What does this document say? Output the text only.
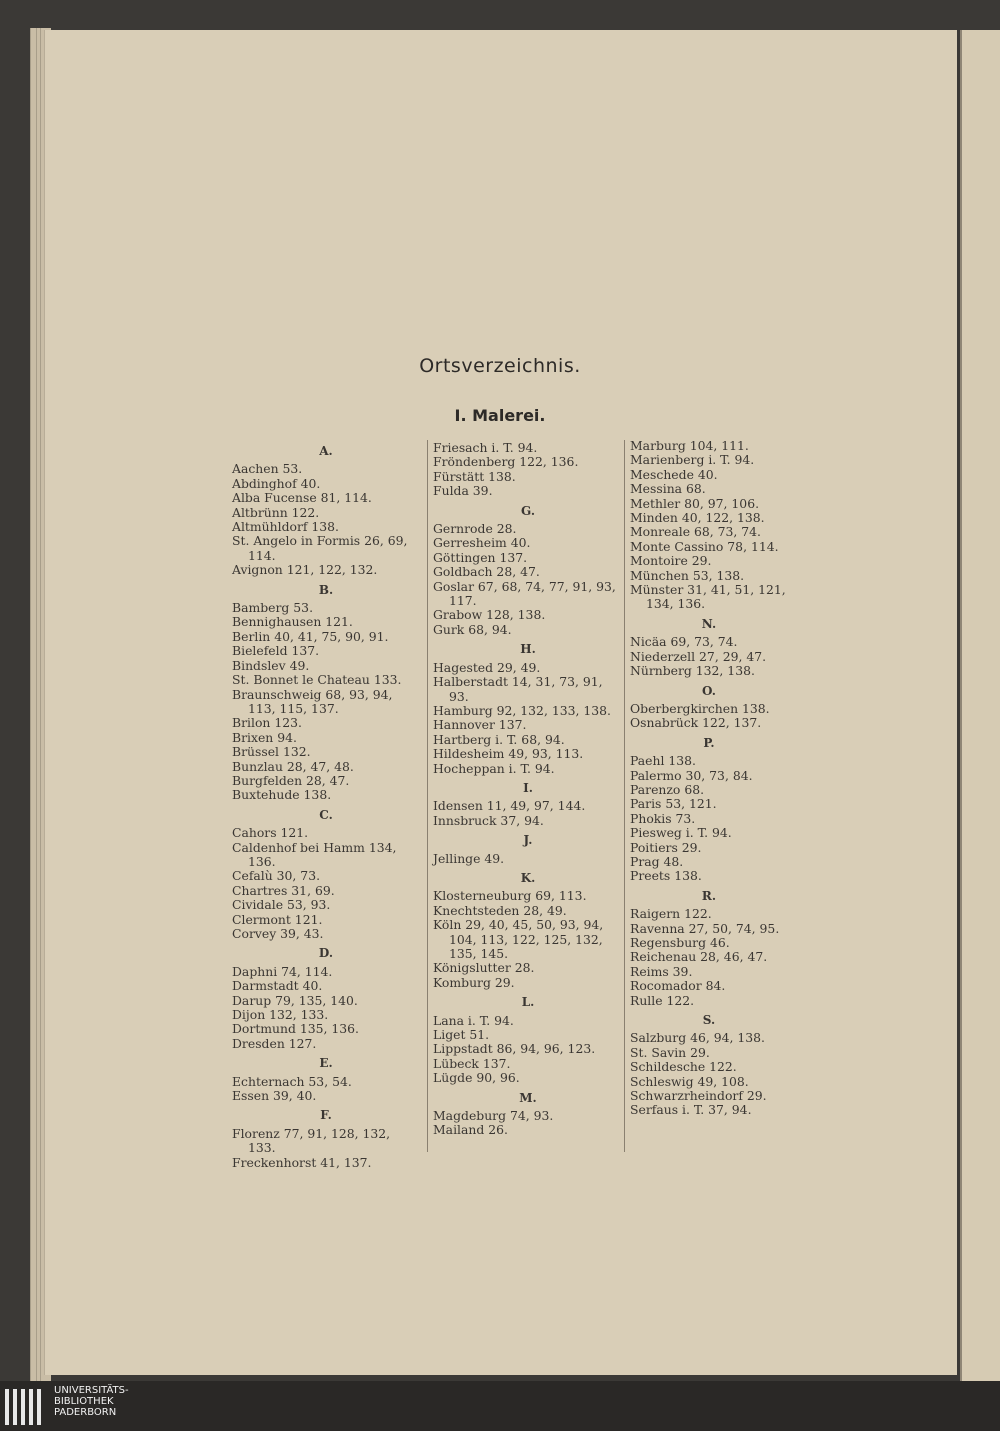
Ortsverzeichnis.
I. Malerei.
A.
Aachen 53.
Abdinghof 40.
Alba Fucense 81, 114.
Altbrünn 122.
Altmühldorf 138.
St. Angelo in Formis 26, 69, 114.
Avignon 121, 122, 132.
B.
Bamberg 53.
Bennighausen 121.
Berlin 40, 41, 75, 90, 91.
Bielefeld 137.
Bindslev 49.
St. Bonnet le Chateau 133.
Braunschweig 68, 93, 94, 113, 115, 137.
Brilon 123.
Brixen 94.
Brüssel 132.
Bunzlau 28, 47, 48.
Burgfelden 28, 47.
Buxtehude 138.
C.
Cahors 121.
Caldenhof bei Hamm 134, 136.
Cefalù 30, 73.
Chartres 31, 69.
Cividale 53, 93.
Clermont 121.
Corvey 39, 43.
D.
Daphni 74, 114.
Darmstadt 40.
Darup 79, 135, 140.
Dijon 132, 133.
Dortmund 135, 136.
Dresden 127.
E.
Echternach 53, 54.
Essen 39, 40.
F.
Florenz 77, 91, 128, 132, 133.
Freckenhorst 41, 137.
Friesach i. T. 94.
Fröndenberg 122, 136.
Fürstätt 138.
Fulda 39.
G.
Gernrode 28.
Gerresheim 40.
Göttingen 137.
Goldbach 28, 47.
Goslar 67, 68, 74, 77, 91, 93, 117.
Grabow 128, 138.
Gurk 68, 94.
H.
Hagested 29, 49.
Halberstadt 14, 31, 73, 91, 93.
Hamburg 92, 132, 133, 138.
Hannover 137.
Hartberg i. T. 68, 94.
Hildesheim 49, 93, 113.
Hocheppan i. T. 94.
I.
Idensen 11, 49, 97, 144.
Innsbruck 37, 94.
J.
Jellinge 49.
K.
Klosterneuburg 69, 113.
Knechtsteden 28, 49.
Köln 29, 40, 45, 50, 93, 94, 104, 113, 122, 125, 132, 135, 145.
Königslutter 28.
Komburg 29.
L.
Lana i. T. 94.
Liget 51.
Lippstadt 86, 94, 96, 123.
Lübeck 137.
Lügde 90, 96.
M.
Magdeburg 74, 93.
Mailand 26.
Marburg 104, 111.
Marienberg i. T. 94.
Meschede 40.
Messina 68.
Methler 80, 97, 106.
Minden 40, 122, 138.
Monreale 68, 73, 74.
Monte Cassino 78, 114.
Montoire 29.
München 53, 138.
Münster 31, 41, 51, 121, 134, 136.
N.
Nicäa 69, 73, 74.
Niederzell 27, 29, 47.
Nürnberg 132, 138.
O.
Oberbergkirchen 138.
Osnabrück 122, 137.
P.
Paehl 138.
Palermo 30, 73, 84.
Parenzo 68.
Paris 53, 121.
Phokis 73.
Piesweg i. T. 94.
Poitiers 29.
Prag 48.
Preets 138.
R.
Raigern 122.
Ravenna 27, 50, 74, 95.
Regensburg 46.
Reichenau 28, 46, 47.
Reims 39.
Rocomador 84.
Rulle 122.
S.
Salzburg 46, 94, 138.
St. Savin 29.
Schildesche 122.
Schleswig 49, 108.
Schwarzrheindorf 29.
Serfaus i. T. 37, 94.
UNIVERSITÄTS-
BIBLIOTHEK
PADERBORN
